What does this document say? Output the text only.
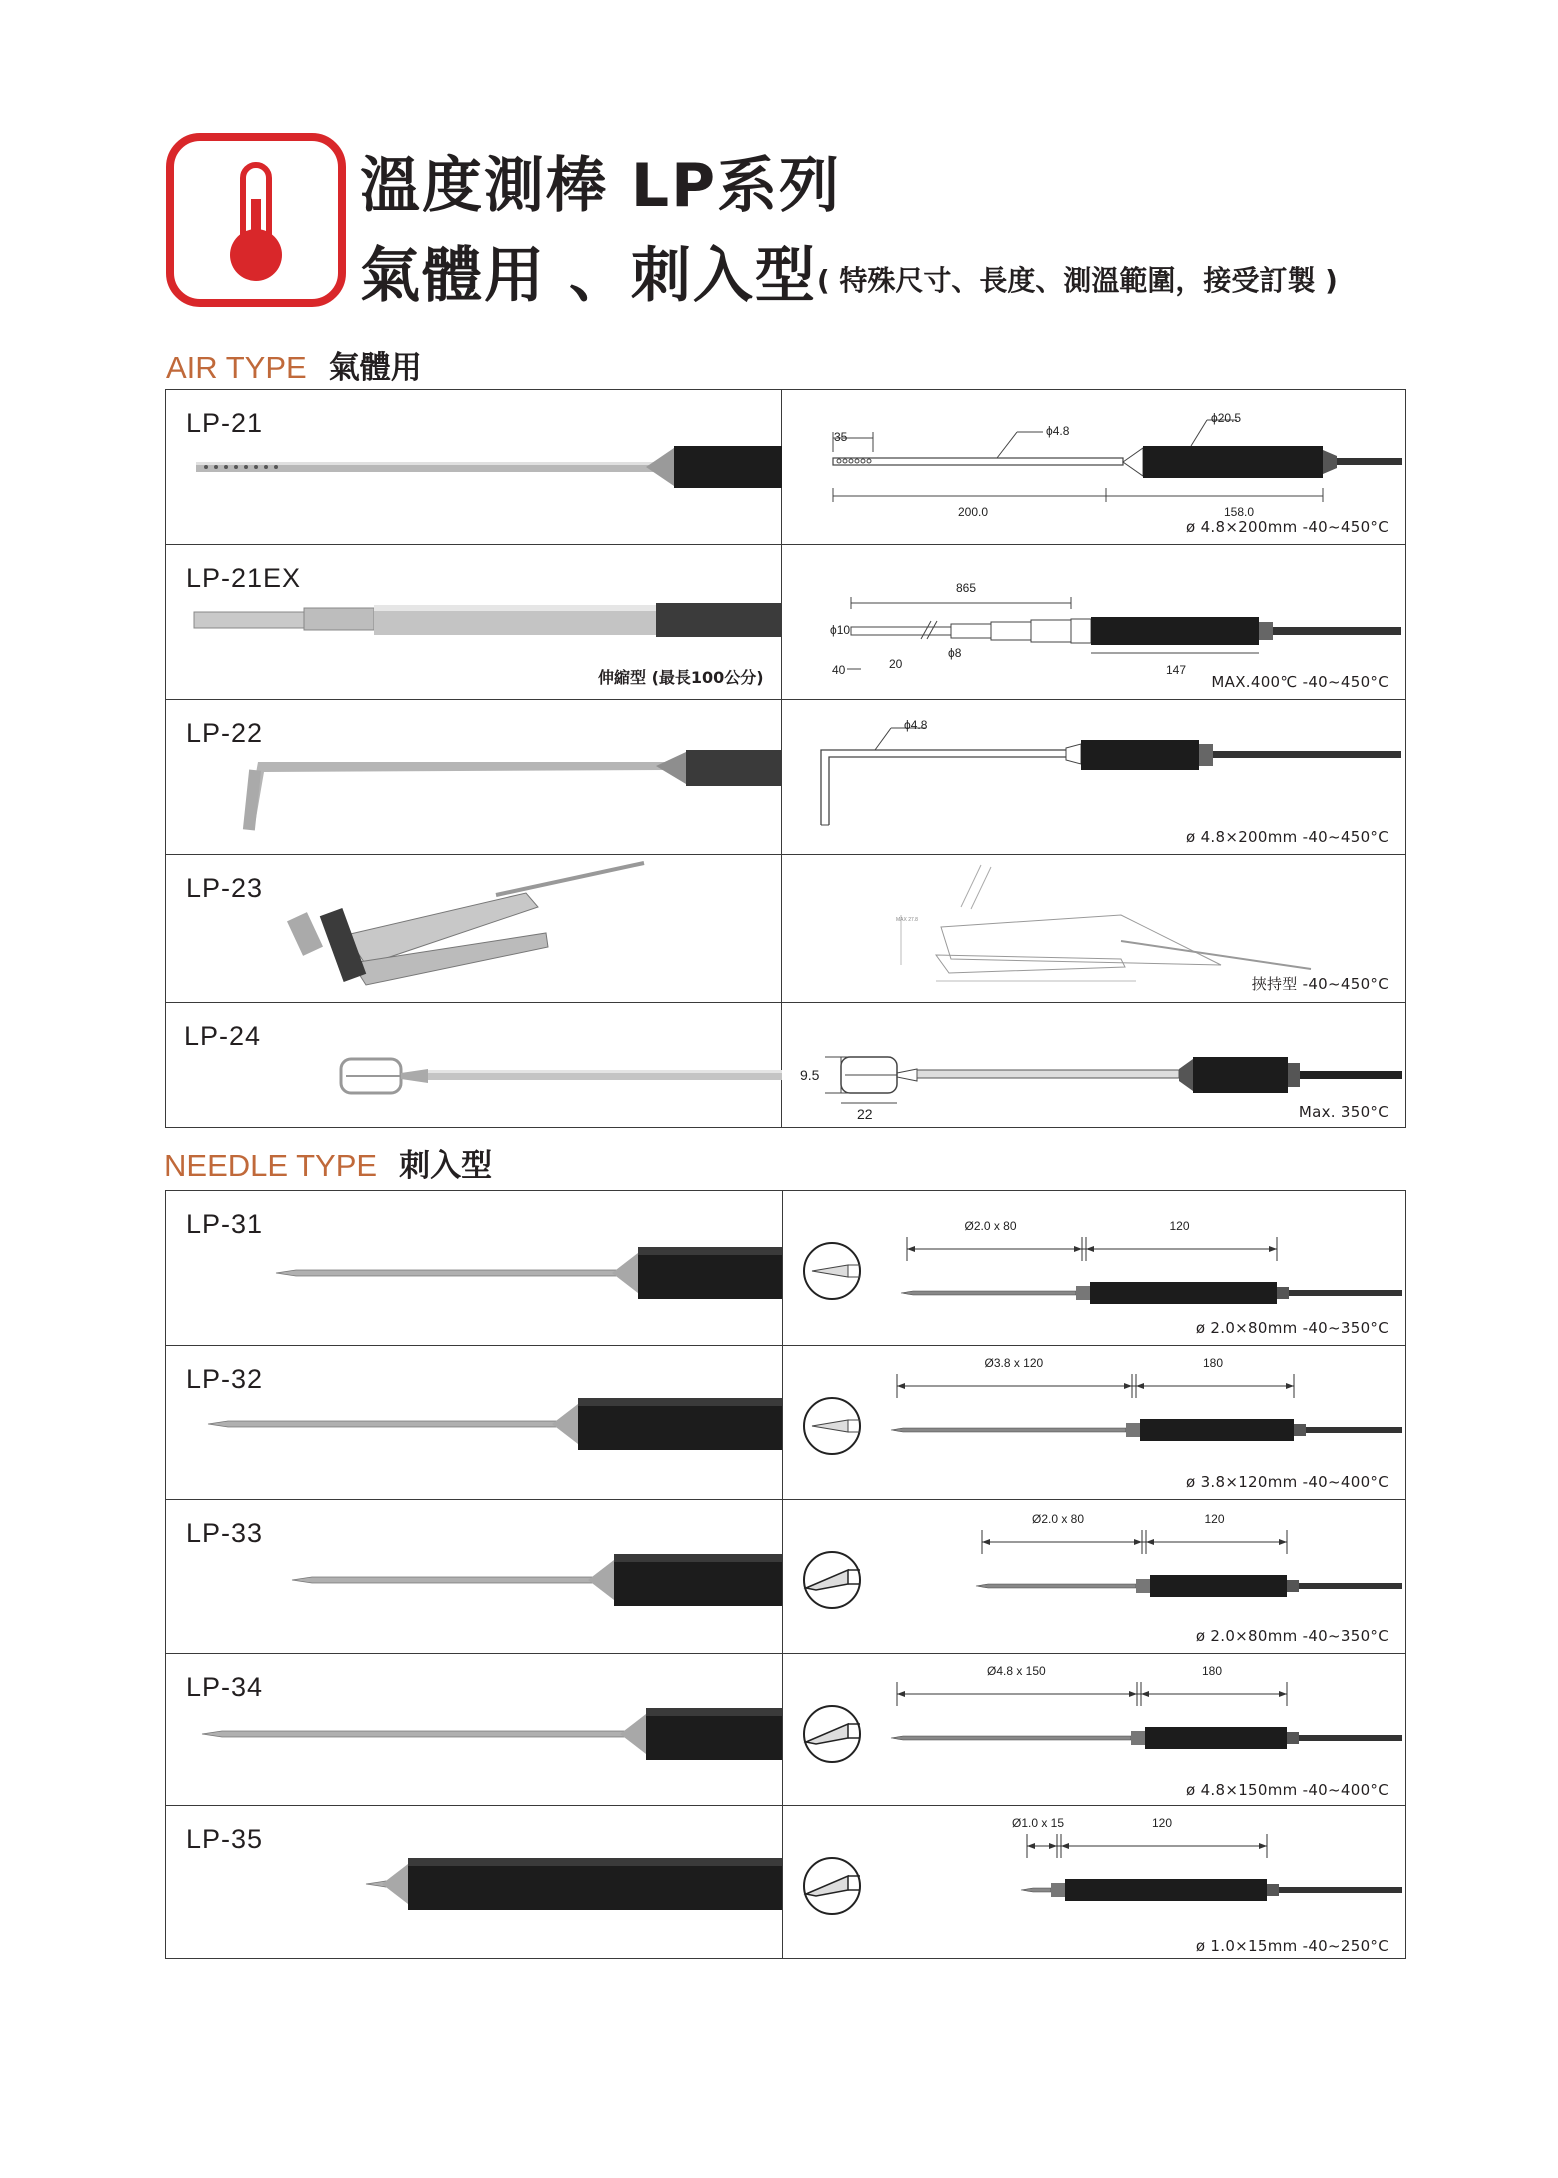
溫度測棒 LP系列
氣體用 、刺入型$^{( 特殊尺寸、長度、測溫範圍,接受訂製 )}$
AIR TYPE 氣體用
LP-21	35	ϕ4.8
ϕ20.5
200.0	158.0
ø 4.8×200mm -40~450°C
LP-21EX	865
ϕ10
ϕ8
20
40	147
伸縮型 (最長100公分)	MAX.400℃ -40~450°C
LP-22	ϕ4.8
ø 4.8×200mm -40~450°C
LP-23
MAX 27.8
挾持型 -40~450°C
LP-24
9.5
22	Max. 350°C
NEEDLE TYPE 刺入型
LP-31	Ø2.0 x 80	120
ø 2.0×80mm -40~350°C
LP-32
Ø3.8 x 120	180
ø 3.8×120mm -40~400°C
LP-33	Ø2.0 x 80	120
ø 2.0×80mm -40~350°C
LP-34
Ø4.8 x 150	180
ø 4.8×150mm -40~400°C
LP-35
Ø1.0 x 15	120
ø 1.0×15mm -40~250°C
